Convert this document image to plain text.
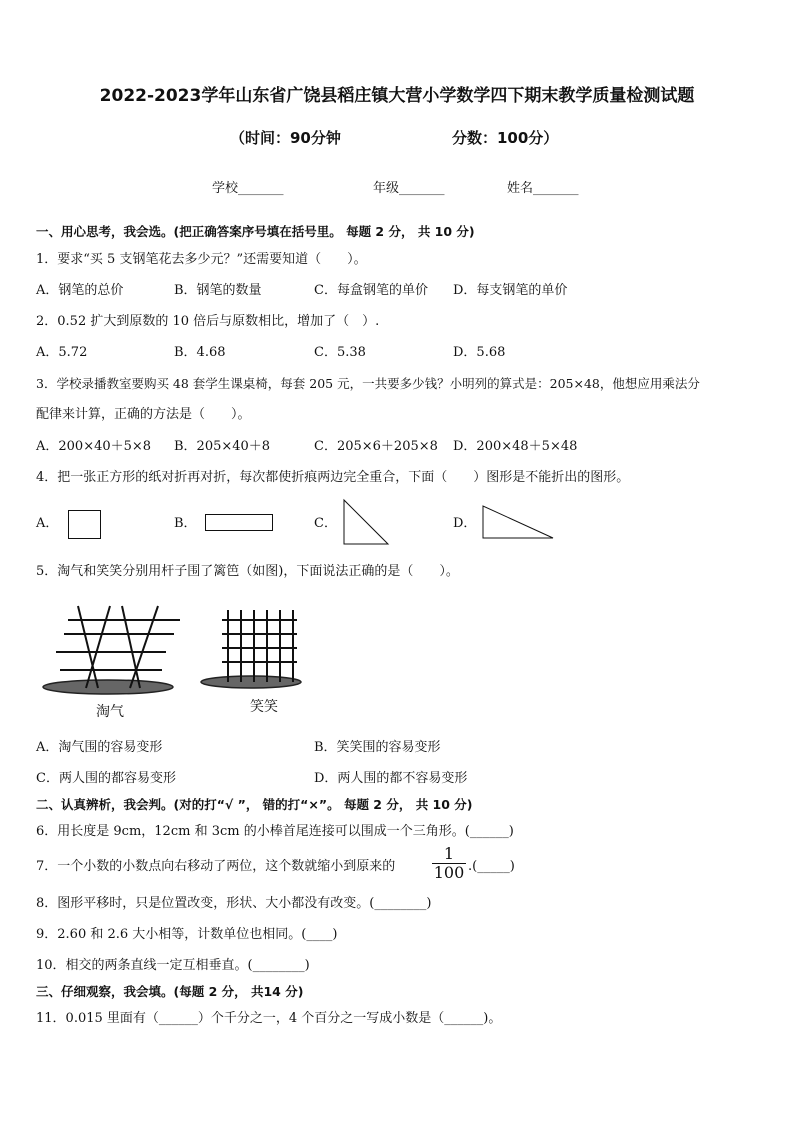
2022-2023学年山东省广饶县稻庄镇大营小学数学四下期末教学质量检测试题
（时间：90分钟	分数：100分）
学校_______	年级_______	姓名_______
一、用心思考，我会选。(把正确答案序号填在括号里。 每题 2 分， 共 10 分)
1．要求“买 5 支钢笔花去多少元？”还需要知道（　　）。
A．钢笔的总价	B．钢笔的数量	C．每盒钢笔的单价 D．每支钢笔的单价
2．0.52 扩大到原数的 10 倍后与原数相比，增加了（　）.
A．5.72	B．4.68	C．5.38	D．5.68
3．学校录播教室要购买 48 套学生课桌椅，每套 205 元，一共要多少钱？小明列的算式是：205×48，他想应用乘法分
配律来计算，正确的方法是（　　）。
A．200×40＋5×8 B．205×40＋8	C．205×6＋205×8 D．200×48＋5×48
4．把一张正方形的纸对折再对折，每次都使折痕两边完全重合，下面（　　）图形是不能折出的图形。
A．	B．	C．	D．
5．淘气和笑笑分别用杆子围了篱笆（如图)，下面说法正确的是（　　）。
淘气	笑笑
A．淘气围的容易变形	B．笑笑围的容易变形
C．两人围的都容易变形	D．两人围的都不容易变形
二、认真辨析，我会判。(对的打“√ ”， 错的打“×”。 每题 2 分， 共 10 分)
6．用长度是 9cm，12cm 和 3cm 的小棒首尾连接可以围成一个三角形。(______)
7．一个小数的小数点向右移动了两位，这个数就缩小到原来的 $\frac{1}{100}$ .(_____)
8．图形平移时，只是位置改变，形状、大小都没有改变。(________)
9．2.60 和 2.6 大小相等，计数单位也相同。(____)
10．相交的两条直线一定互相垂直。(________)
三、仔细观察，我会填。(每题 2 分， 共14 分)
11．0.015 里面有（______）个千分之一，4 个百分之一写成小数是（______)。
